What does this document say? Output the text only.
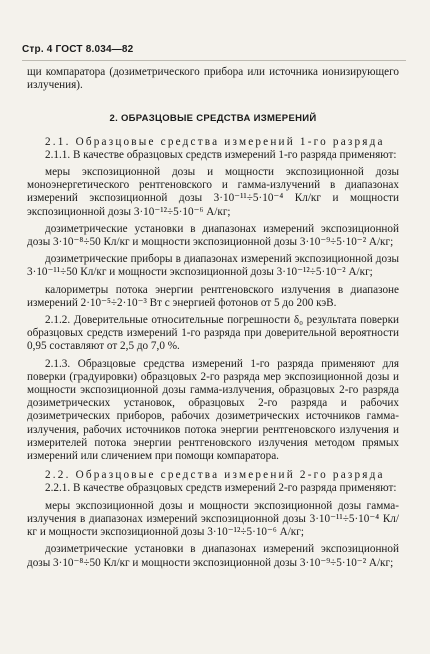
Стр. 4 ГОСТ 8.034—82

щи компаратора (дозиметрического прибора или источника ионизирующего излучения).

2. ОБРАЗЦОВЫЕ СРЕДСТВА ИЗМЕРЕНИЙ

2.1. Образцовые средства измерений 1-го разряда

2.1.1. В качестве образцовых средств измерений 1-го разряда применяют:

меры экспозиционной дозы и мощности экспозиционной дозы моноэнергетического рентгеновского и гамма-излучений в диапазонах измерений экспозиционной дозы 3·10⁻¹¹÷5·10⁻⁴ Кл/кг и мощности экспозиционной дозы 3·10⁻¹²÷5·10⁻⁶ А/кг;

дозиметрические установки в диапазонах измерений экспозиционной дозы 3·10⁻⁸÷50 Кл/кг и мощности экспозиционной дозы 3·10⁻⁹÷5·10⁻² А/кг;

дозиметрические приборы в диапазонах измерений экспозиционной дозы 3·10⁻¹¹÷50 Кл/кг и мощности экспозиционной дозы 3·10⁻¹²÷5·10⁻² А/кг;

калориметры потока энергии рентгеновского излучения в диапазоне измерений 2·10⁻⁵÷2·10⁻³ Вт с энергией фотонов от 5 до 200 кэВ.

2.1.2. Доверительные относительные погрешности δ₀ результата поверки образцовых средств измерений 1-го разряда при доверительной вероятности 0,95 составляют от 2,5 до 7,0 %.

2.1.3. Образцовые средства измерений 1-го разряда применяют для поверки (градуировки) образцовых 2-го разряда мер экспозиционной дозы и мощности экспозиционной дозы гамма-излучения, образцовых 2-го разряда дозиметрических установок, образцовых 2-го разряда и рабочих дозиметрических приборов, рабочих дозиметрических источников гамма-излучения, рабочих источников потока энергии рентгеновского излучения и измерителей потока энергии рентгеновского излучения методом прямых измерений или сличением при помощи компаратора.

2.2. Образцовые средства измерений 2-го разряда

2.2.1. В качестве образцовых средств измерений 2-го разряда применяют:

меры экспозиционной дозы и мощности экспозиционной дозы гамма-излучения в диапазонах измерений экспозиционной дозы 3·10⁻¹¹÷5·10⁻⁴ Кл/кг и мощности экспозиционной дозы 3·10⁻¹²÷5·10⁻⁶ А/кг;

дозиметрические установки в диапазонах измерений экспозиционной дозы 3·10⁻⁸÷50 Кл/кг и мощности экспозиционной дозы 3·10⁻⁹÷5·10⁻² А/кг;
